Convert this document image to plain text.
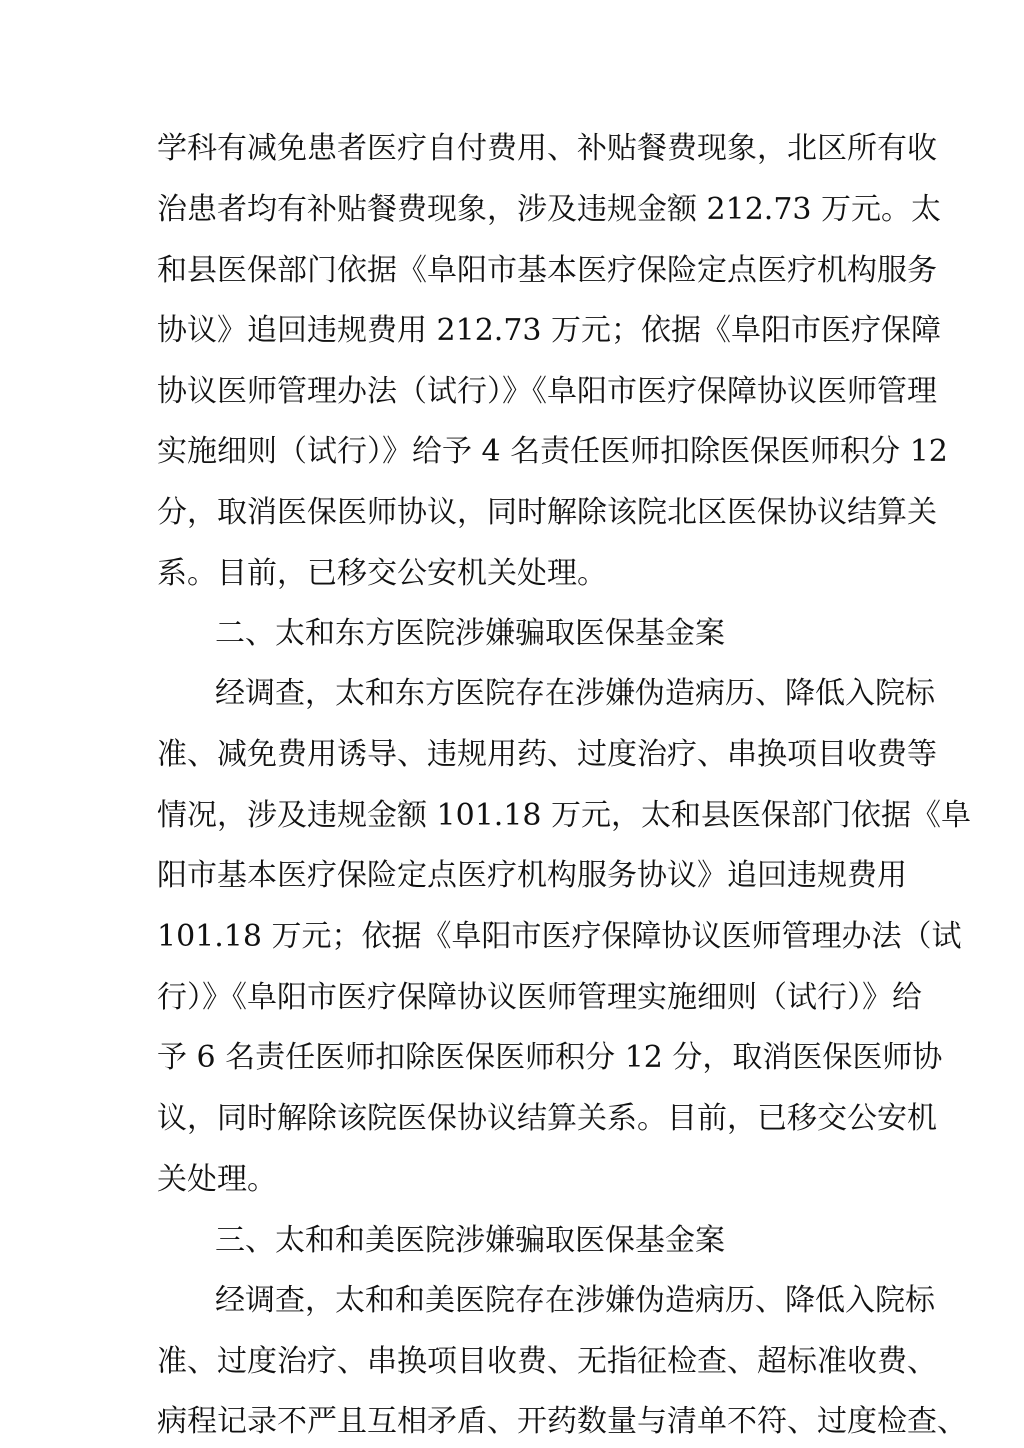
学科有减免患者医疗自付费用、补贴餐费现象，北区所有收
治患者均有补贴餐费现象，涉及违规金额 212.73 万元。太
和县医保部门依据《阜阳市基本医疗保险定点医疗机构服务
协议》追回违规费用 212.73 万元；依据《阜阳市医疗保障
协议医师管理办法（试行）》《阜阳市医疗保障协议医师管理
实施细则（试行）》给予 4 名责任医师扣除医保医师积分 12
分，取消医保医师协议，同时解除该院北区医保协议结算关
系。目前，已移交公安机关处理。
二、太和东方医院涉嫌骗取医保基金案
经调查，太和东方医院存在涉嫌伪造病历、降低入院标
准、减免费用诱导、违规用药、过度治疗、串换项目收费等
情况，涉及违规金额 101.18 万元，太和县医保部门依据《阜
阳市基本医疗保险定点医疗机构服务协议》追回违规费用
101.18 万元；依据《阜阳市医疗保障协议医师管理办法（试
行）》《阜阳市医疗保障协议医师管理实施细则（试行）》给
予 6 名责任医师扣除医保医师积分 12 分，取消医保医师协
议，同时解除该院医保协议结算关系。目前，已移交公安机
关处理。
三、太和和美医院涉嫌骗取医保基金案
经调查，太和和美医院存在涉嫌伪造病历、降低入院标
准、过度治疗、串换项目收费、无指征检查、超标准收费、
病程记录不严且互相矛盾、开药数量与清单不符、过度检查、
